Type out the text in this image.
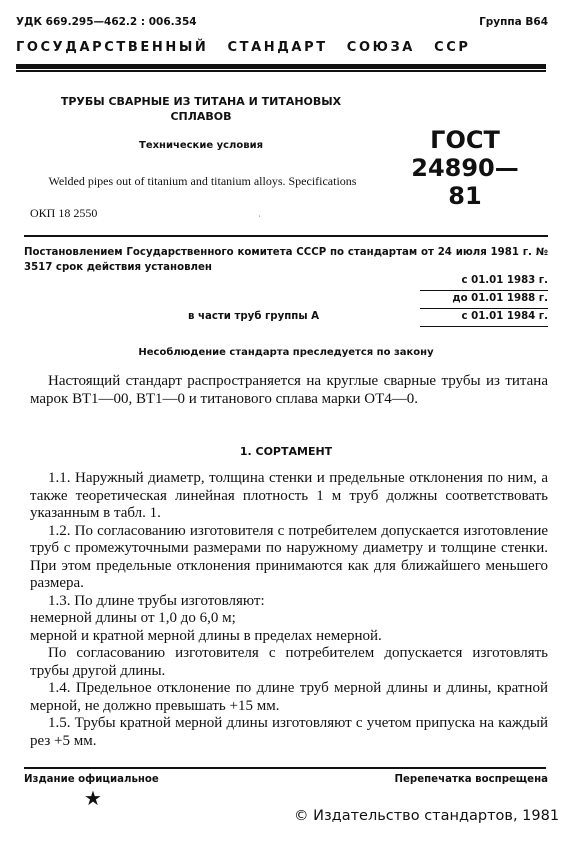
УДК 669.295—462.2 : 006.354	Группа В64
ГОСУДАРСТВЕННЫЙ СТАНДАРТ СОЮЗА ССР
ТРУБЫ СВАРНЫЕ ИЗ ТИТАНА И ТИТАНОВЫХ СПЛАВОВ
Технические условия	ГОСТ
24890—81
Welded pipes out of titanium and titanium alloys. Specifications
ОКП 18 2550	˙
Постановлением Государственного комитета СССР по стандартам от 24 июля 1981 г. № 3517 срок действия установлен
с 01.01 1983 г.
до 01.01 1988 г.
с 01.01 1984 г.
в части труб группы А
Несоблюдение стандарта преследуется по закону
Настоящий стандарт распространяется на круглые сварные трубы из титана марок ВТ1—00, ВТ1—0 и титанового сплава марки ОТ4—0.
1. СОРТАМЕНТ

1.1. Наружный диаметр, толщина стенки и предельные отклонения по ним, а также теоретическая линейная плотность 1 м труб должны соответствовать указанным в табл. 1.

1.2. По согласованию изготовителя с потребителем допускается изготовление труб с промежуточными размерами по наружному диаметру и толщине стенки. При этом предельные отклонения принимаются как для ближайшего меньшего размера.

1.3. По длине трубы изготовляют:

немерной длины от 1,0 до 6,0 м;

мерной и кратной мерной длины в пределах немерной.

По согласованию изготовителя с потребителем допускается изготовлять трубы другой длины.

1.4. Предельное отклонение по длине труб мерной длины и длины, кратной мерной, не должно превышать +15 мм.

1.5. Трубы кратной мерной длины изготовляют с учетом припуска на каждый рез +5 мм.

Издание официальное	Перепечатка воспрещена
★
© Издательство стандартов, 1981
